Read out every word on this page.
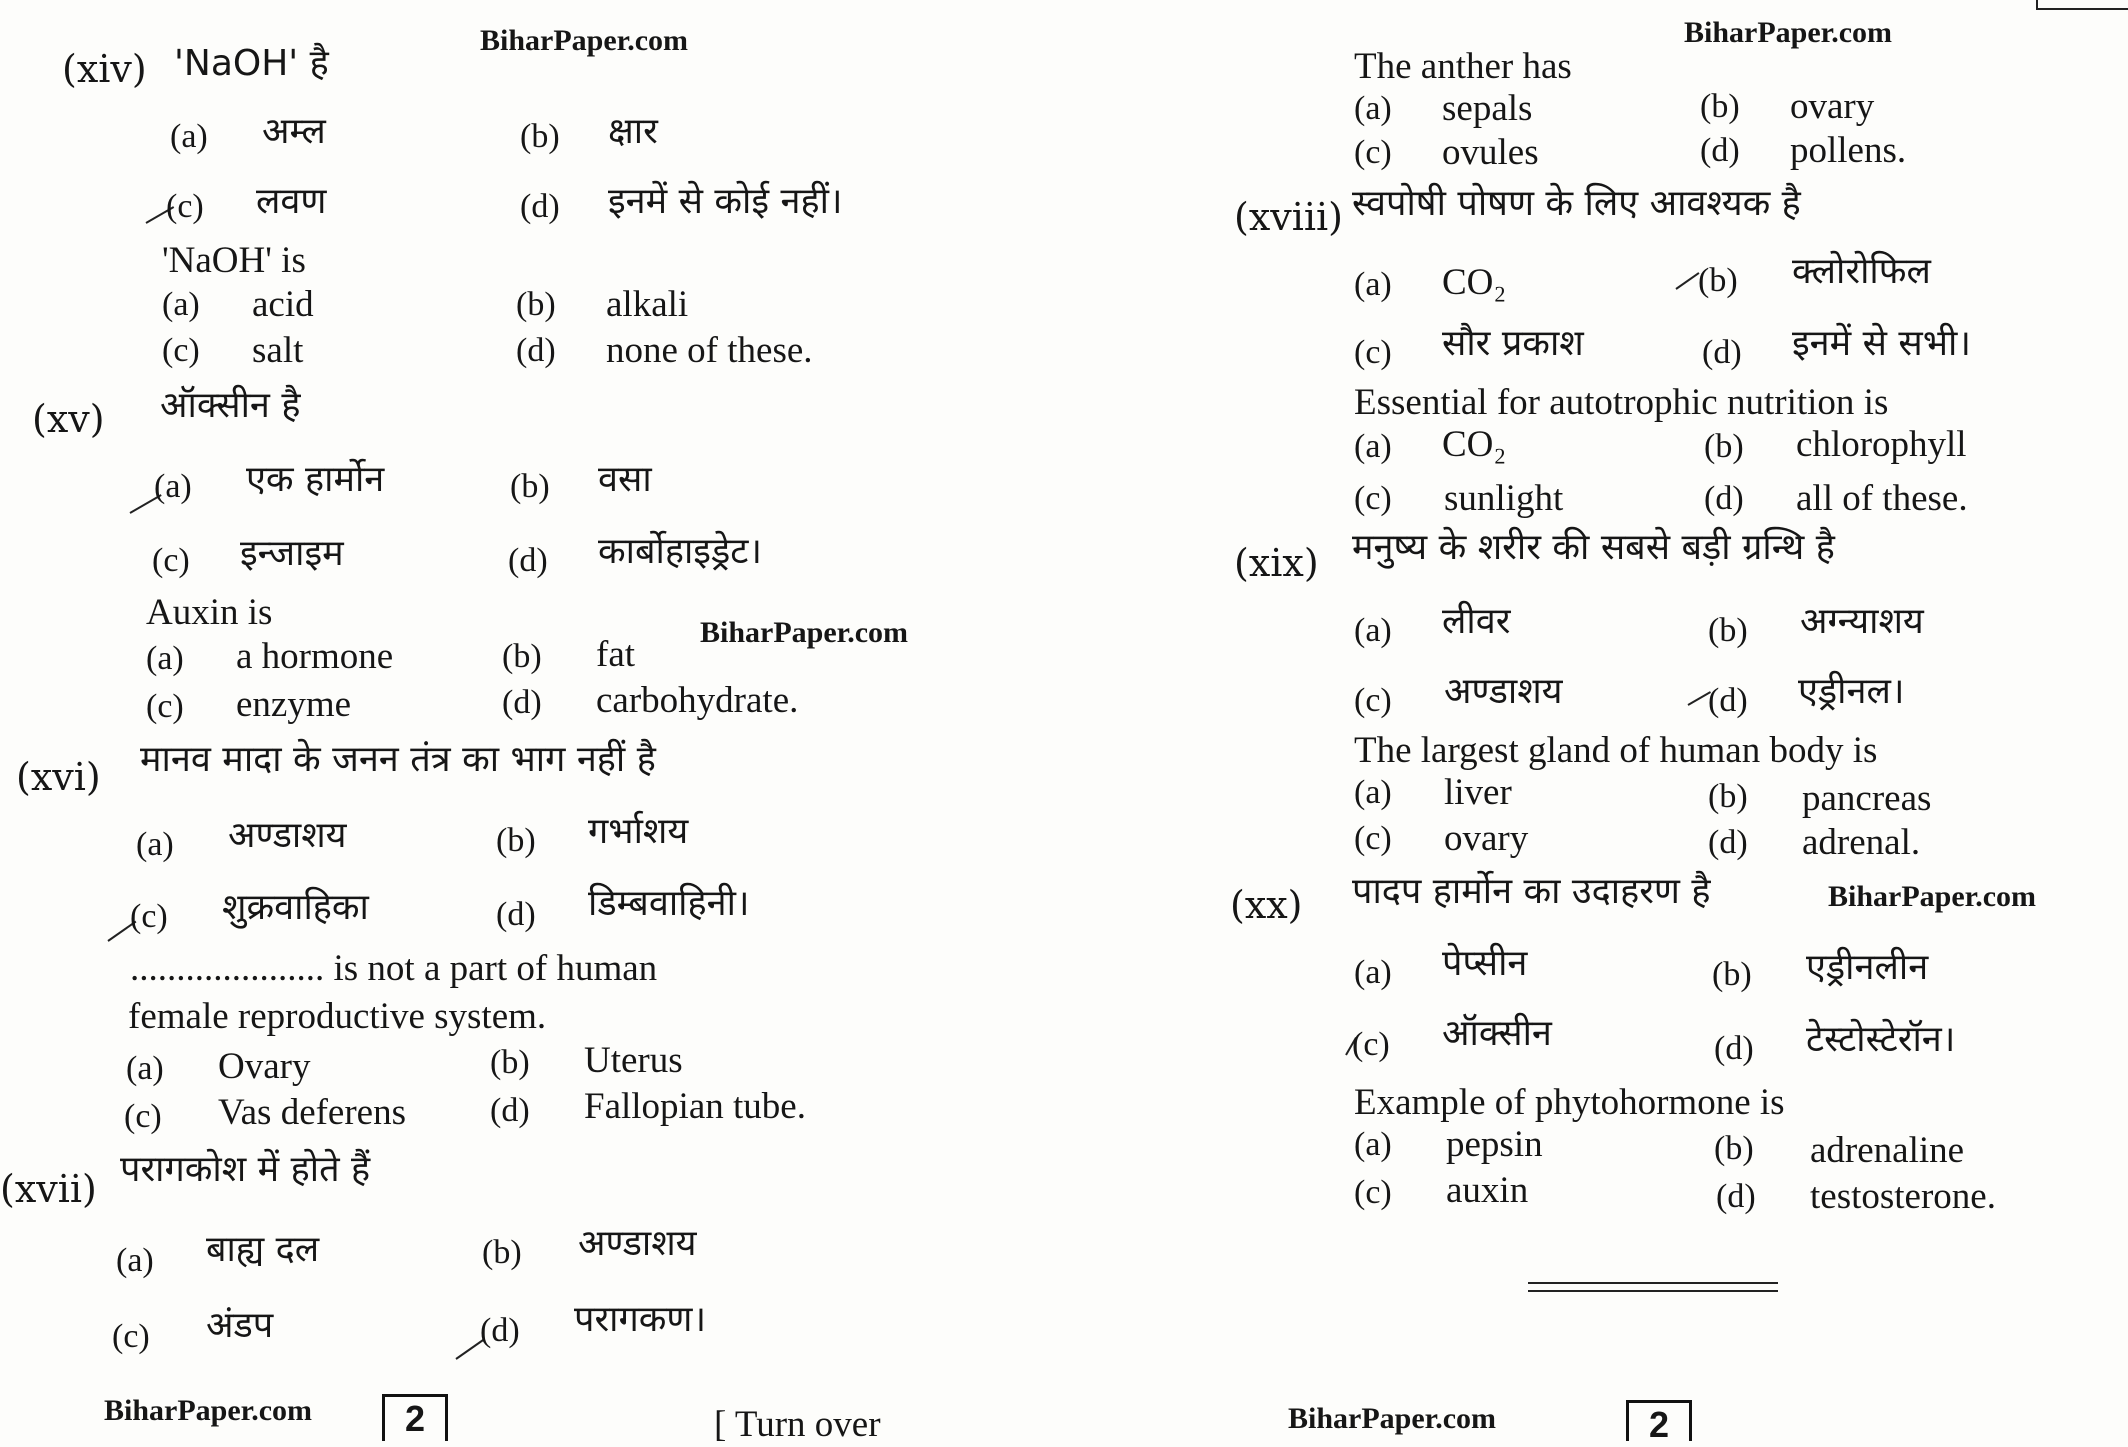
BiharPaper.com	BiharPaper.com
BiharPaper.com
BiharPaper.com
BiharPaper.com	BiharPaper.com
(xiv) 'NaOH' है
(a) अम्ल	(b) क्षार
(c) लवण	(d) इनमें से कोई नहीं।
'NaOH' is
(a) acid	(b) alkali
(c) salt	(d) none of these.
(xv) ऑक्सीन है
(a) एक हार्मोन	(b) वसा
(c) इन्जाइम	(d) कार्बोहाइड्रेट।
Auxin is
(a) a hormone	(b) fat
(c) enzyme	(d) carbohydrate.
(xvi) मानव मादा के जनन तंत्र का भाग नहीं है
(a) अण्डाशय	(b) गर्भाशय
(c) शुक्रवाहिका	(d) डिम्बवाहिनी।
..................... is not a part of human
female reproductive system.
(a) Ovary	(b) Uterus
(c) Vas deferens (d) Fallopian tube.
(xvii) परागकोश में होते हैं
(a) बाह्य दल	(b) अण्डाशय
(c) अंडप	(d) परागकण।
2	[ Turn over
The anther has
(a) sepals	(b) ovary
(c) ovules	(d) pollens.
(xviii) स्वपोषी पोषण के लिए आवश्यक है
(a) CO₂	(b) क्लोरोफिल
(c) सौर प्रकाश	(d) इनमें से सभी।
Essential for autotrophic nutrition is
(a) CO₂	(b) chlorophyll
(c) sunlight	(d) all of these.
(xix) मनुष्य के शरीर की सबसे बड़ी ग्रन्थि है
(a) लीवर	(b) अग्न्याशय
(c) अण्डाशय	(d) एड्रीनल।
The largest gland of human body is
(a) liver	(b) pancreas
(c) ovary	(d) adrenal.
(xx) पादप हार्मोन का उदाहरण है
(a) पेप्सीन	(b) एड्रीनलीन
(c) ऑक्सीन	(d) टेस्टोस्टेरॉन।
Example of phytohormone is
(a) pepsin	(b) adrenaline
(c) auxin	(d) testosterone.
2
